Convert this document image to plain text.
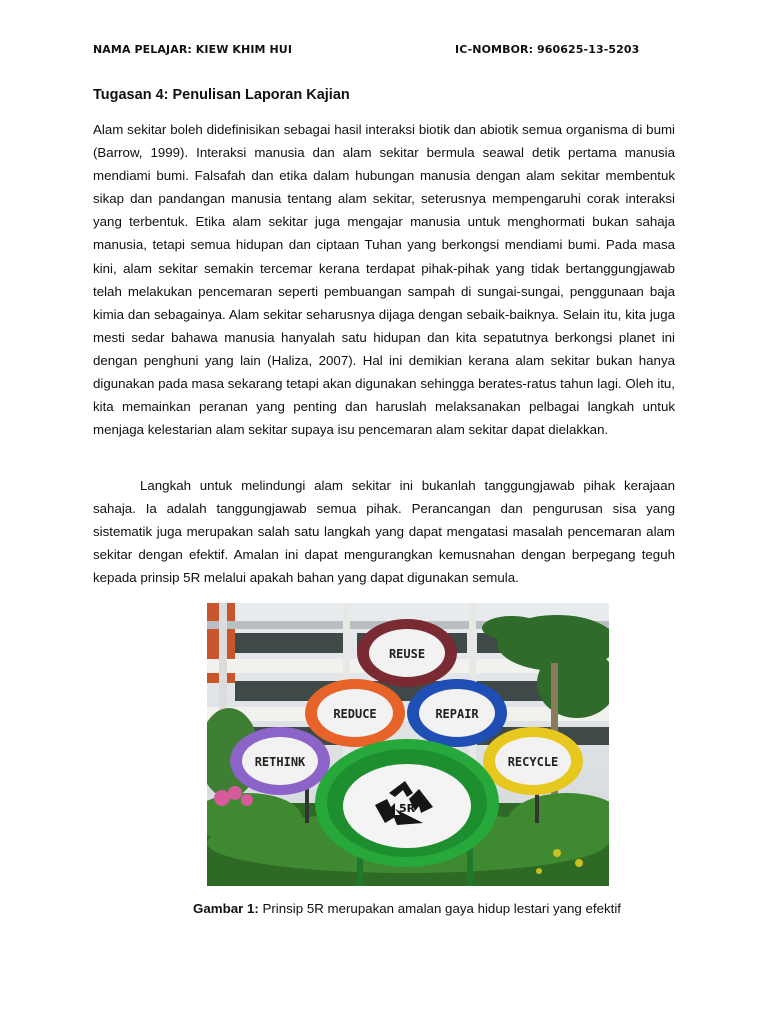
NAMA PELAJAR: KIEW KHIM HUI	IC-NOMBOR: 960625-13-5203
Tugasan 4: Penulisan Laporan Kajian
Alam sekitar boleh didefinisikan sebagai hasil interaksi biotik dan abiotik semua organisma di bumi (Barrow, 1999). Interaksi manusia dan alam sekitar bermula seawal detik pertama manusia mendiami bumi. Falsafah dan etika dalam hubungan manusia dengan alam sekitar membentuk sikap dan pandangan manusia tentang alam sekitar, seterusnya mempengaruhi corak interaksi yang terbentuk. Etika alam sekitar juga mengajar manusia untuk menghormati bukan sahaja manusia, tetapi semua hidupan dan ciptaan Tuhan yang berkongsi mendiami bumi. Pada masa kini, alam sekitar semakin tercemar kerana terdapat pihak-pihak yang tidak bertanggungjawab telah melakukan pencemaran seperti pembuangan sampah di sungai-sungai, penggunaan baja kimia dan sebagainya. Alam sekitar seharusnya dijaga dengan sebaik-baiknya. Selain itu, kita juga mesti sedar bahawa manusia hanyalah satu hidupan dan kita sepatutnya berkongsi planet ini dengan penghuni yang lain (Haliza, 2007). Hal ini demikian kerana alam sekitar bukan hanya digunakan pada masa sekarang tetapi akan digunakan sehingga berates-ratus tahun lagi. Oleh itu, kita memainkan peranan yang penting dan haruslah melaksanakan pelbagai langkah untuk menjaga kelestarian alam sekitar supaya isu pencemaran alam sekitar dapat dielakkan.
Langkah untuk melindungi alam sekitar ini bukanlah tanggungjawab pihak kerajaan sahaja. Ia adalah tanggungjawab semua pihak. Perancangan dan pengurusan sisa yang sistematik juga merupakan salah satu langkah yang dapat mengatasi masalah pencemaran alam sekitar dengan efektif. Amalan ini dapat mengurangkan kemusnahan dengan berpegang teguh kepada prinsip 5R melalui apakah bahan yang dapat digunakan semula.
REUSE
REDUCE	REPAIR
RETHINK	RECYCLE
5R
Gambar 1: Prinsip 5R merupakan amalan gaya hidup lestari yang efektif
